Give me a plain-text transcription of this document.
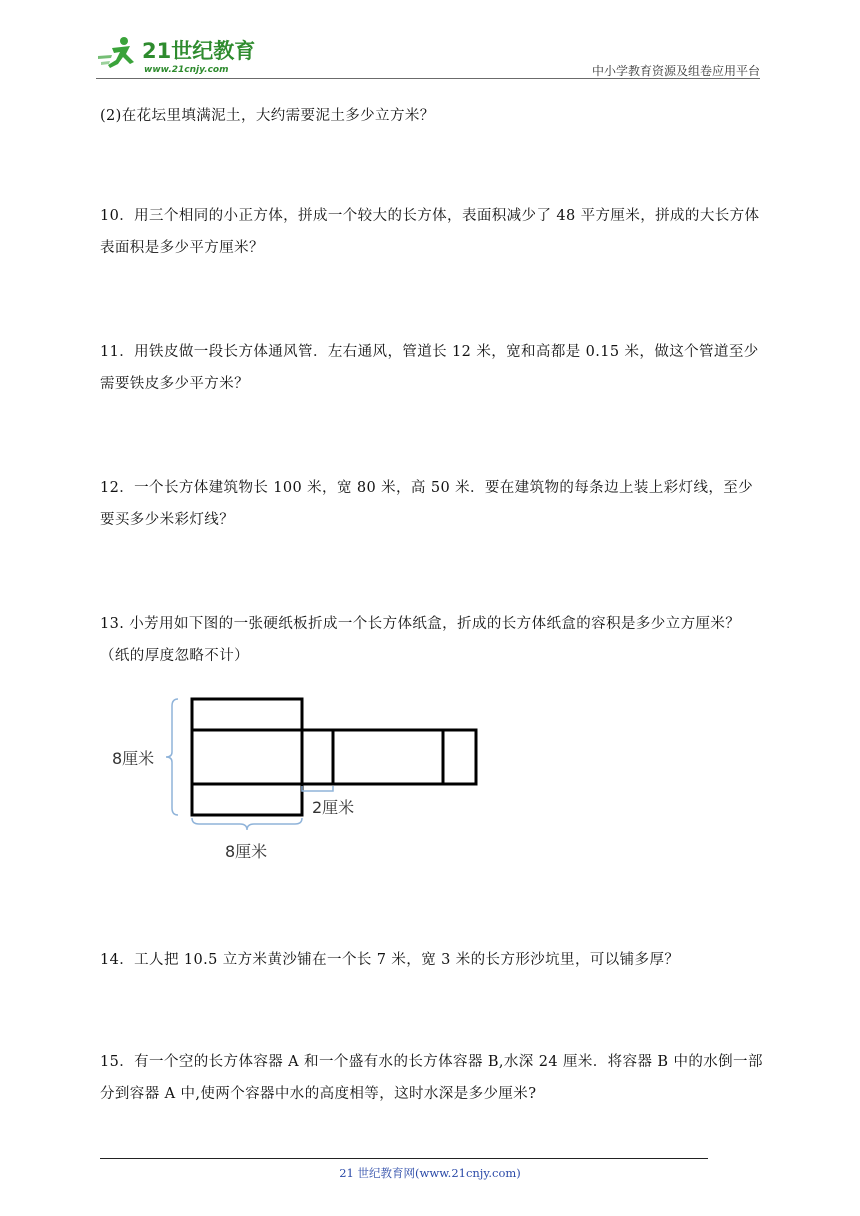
21世纪教育
www.21cnjy.com	中小学教育资源及组卷应用平台
(2)在花坛里填满泥土，大约需要泥土多少立方米？
10．用三个相同的小正方体，拼成一个较大的长方体，表面积减少了 48 平方厘米，拼成的大长方体表面积是多少平方厘米？
11．用铁皮做一段长方体通风管．左右通风，管道长 12 米，宽和高都是 0.15 米，做这个管道至少需要铁皮多少平方米？
12．一个长方体建筑物长 100 米，宽 80 米，高 50 米．要在建筑物的每条边上装上彩灯线，至少要买多少米彩灯线？
13. 小芳用如下图的一张硬纸板折成一个长方体纸盒，折成的长方体纸盒的容积是多少立方厘米？（纸的厚度忽略不计）
8厘米
2厘米
8厘米
14．工人把 10.5 立方米黄沙铺在一个长 7 米，宽 3 米的长方形沙坑里，可以铺多厚？
15．有一个空的长方体容器 A 和一个盛有水的长方体容器 B,水深 24 厘米．将容器 B 中的水倒一部分到容器 A 中,使两个容器中水的高度相等，这时水深是多少厘米?
21 世纪教育网(www.21cnjy.com)
